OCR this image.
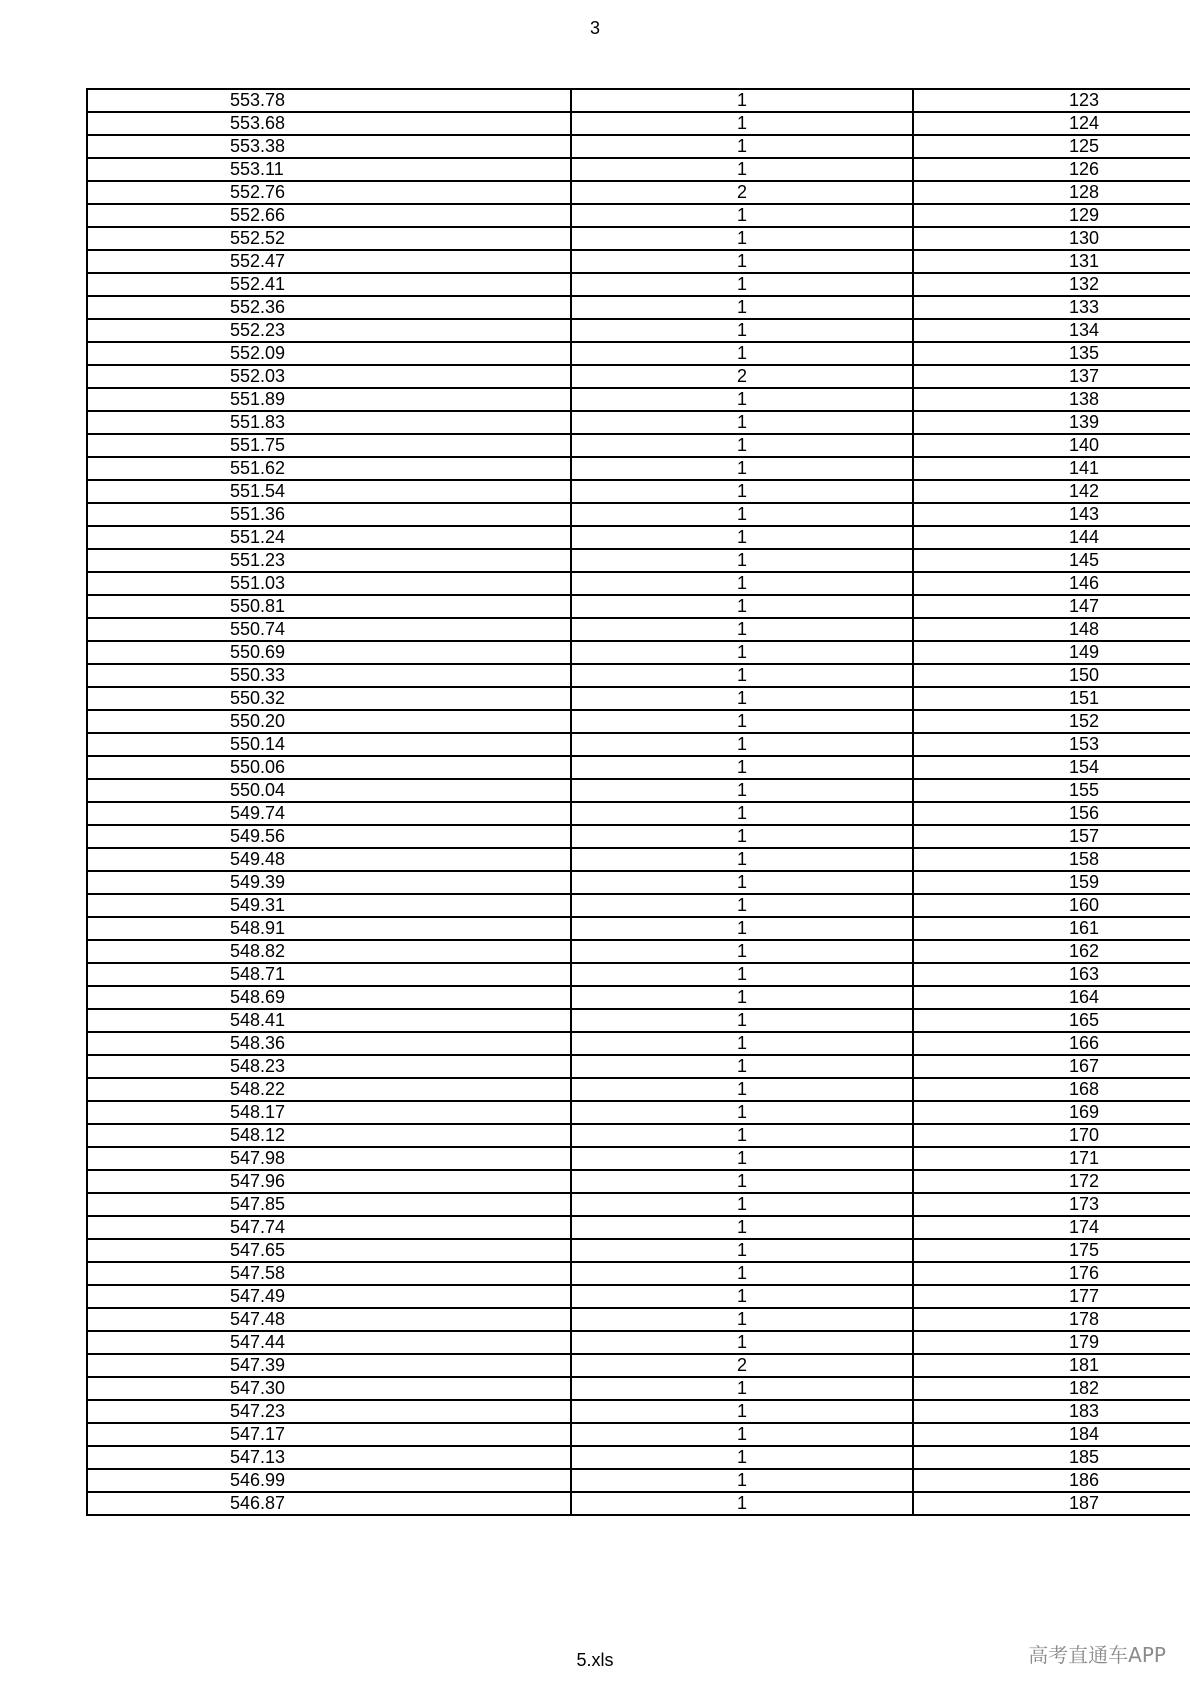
3
553.78	1	123
553.68	1	124
553.38	1	125
553.11	1	126
552.76	2	128
552.66	1	129
552.52	1	130
552.47	1	131
552.41	1	132
552.36	1	133
552.23	1	134
552.09	1	135
552.03	2	137
551.89	1	138
551.83	1	139
551.75	1	140
551.62	1	141
551.54	1	142
551.36	1	143
551.24	1	144
551.23	1	145
551.03	1	146
550.81	1	147
550.74	1	148
550.69	1	149
550.33	1	150
550.32	1	151
550.20	1	152
550.14	1	153
550.06	1	154
550.04	1	155
549.74	1	156
549.56	1	157
549.48	1	158
549.39	1	159
549.31	1	160
548.91	1	161
548.82	1	162
548.71	1	163
548.69	1	164
548.41	1	165
548.36	1	166
548.23	1	167
548.22	1	168
548.17	1	169
548.12	1	170
547.98	1	171
547.96	1	172
547.85	1	173
547.74	1	174
547.65	1	175
547.58	1	176
547.49	1	177
547.48	1	178
547.44	1	179
547.39	2	181
547.30	1	182
547.23	1	183
547.17	1	184
547.13	1	185
546.99	1	186
546.87	1	187
5.xls	高考直通车APP
